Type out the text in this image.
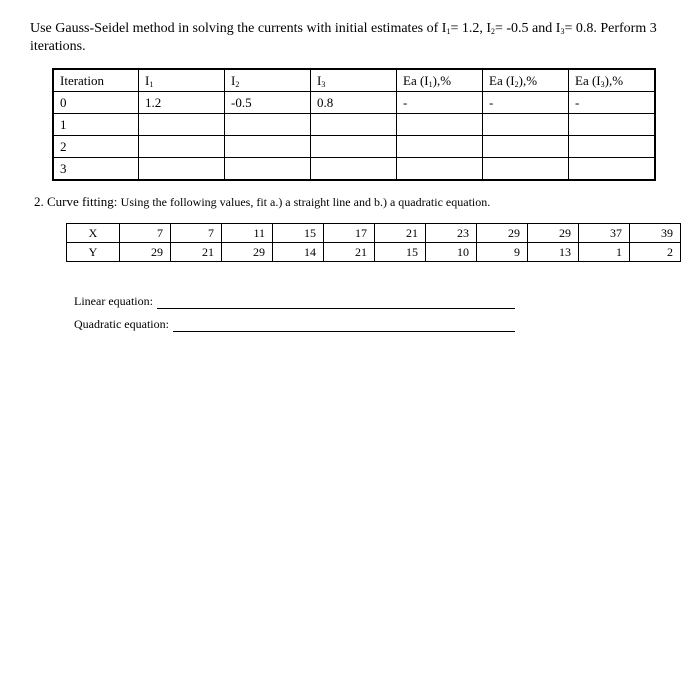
Use Gauss-Seidel method in solving the currents with initial estimates of $I_1= 1.2$, $I_2= -0.5$ and $I_3= 0.8$. Perform 3 iterations.
Iteration	$I_1$	$I_2$	$I_3$	Ea $(I_1),\%$	Ea $(I_2),\%$	Ea $(I_3),\%$
0	1.2	-0.5	0.8	-	-	-
1						
2						
3						
2. Curve fitting: Using the following values, fit a.) a straight line and b.) a quadratic equation.
X	7	7	11	15	17	21	23	29	29	37	39
Y	29	21	29	14	21	15	10	9	13	1	2
Linear equation:
Quadratic equation:
